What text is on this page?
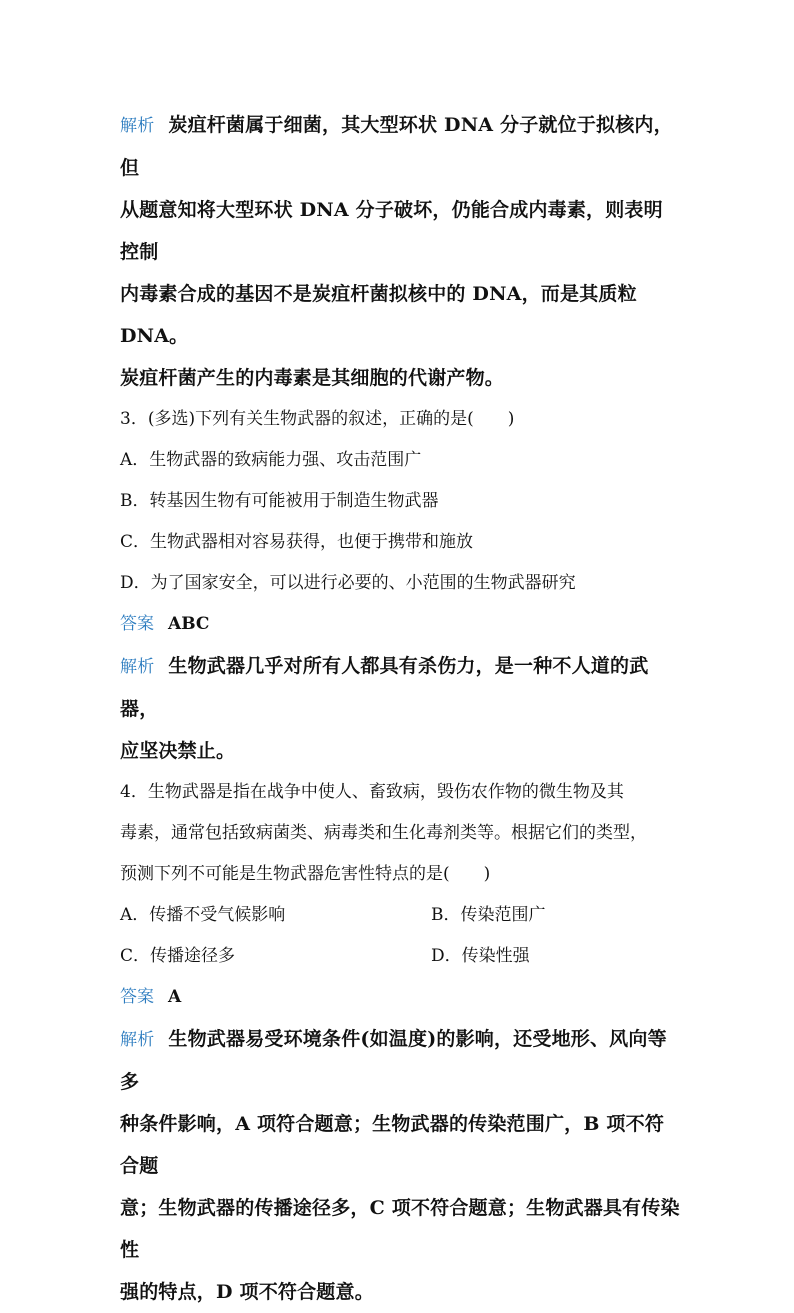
解析 炭疽杆菌属于细菌，其大型环状 DNA 分子就位于拟核内，但

从题意知将大型环状 DNA 分子破坏，仍能合成内毒素，则表明控制

内毒素合成的基因不是炭疽杆菌拟核中的 DNA，而是其质粒 DNA。

炭疽杆菌产生的内毒素是其细胞的代谢产物。

3．(多选)下列有关生物武器的叙述，正确的是(　　)

A．生物武器的致病能力强、攻击范围广

B．转基因生物有可能被用于制造生物武器

C．生物武器相对容易获得，也便于携带和施放

D．为了国家安全，可以进行必要的、小范围的生物武器研究

答案 ABC

解析 生物武器几乎对所有人都具有杀伤力，是一种不人道的武器，

应坚决禁止。

4．生物武器是指在战争中使人、畜致病，毁伤农作物的微生物及其

毒素，通常包括致病菌类、病毒类和生化毒剂类等。根据它们的类型，

预测下列不可能是生物武器危害性特点的是(　　)

A．传播不受气候影响	B．传染范围广
C．传播途径多	D．传染性强

答案 A

解析 生物武器易受环境条件(如温度)的影响，还受地形、风向等多

种条件影响，A 项符合题意；生物武器的传染范围广，B 项不符合题

意；生物武器的传播途径多，C 项不符合题意；生物武器具有传染性

强的特点，D 项不符合题意。
